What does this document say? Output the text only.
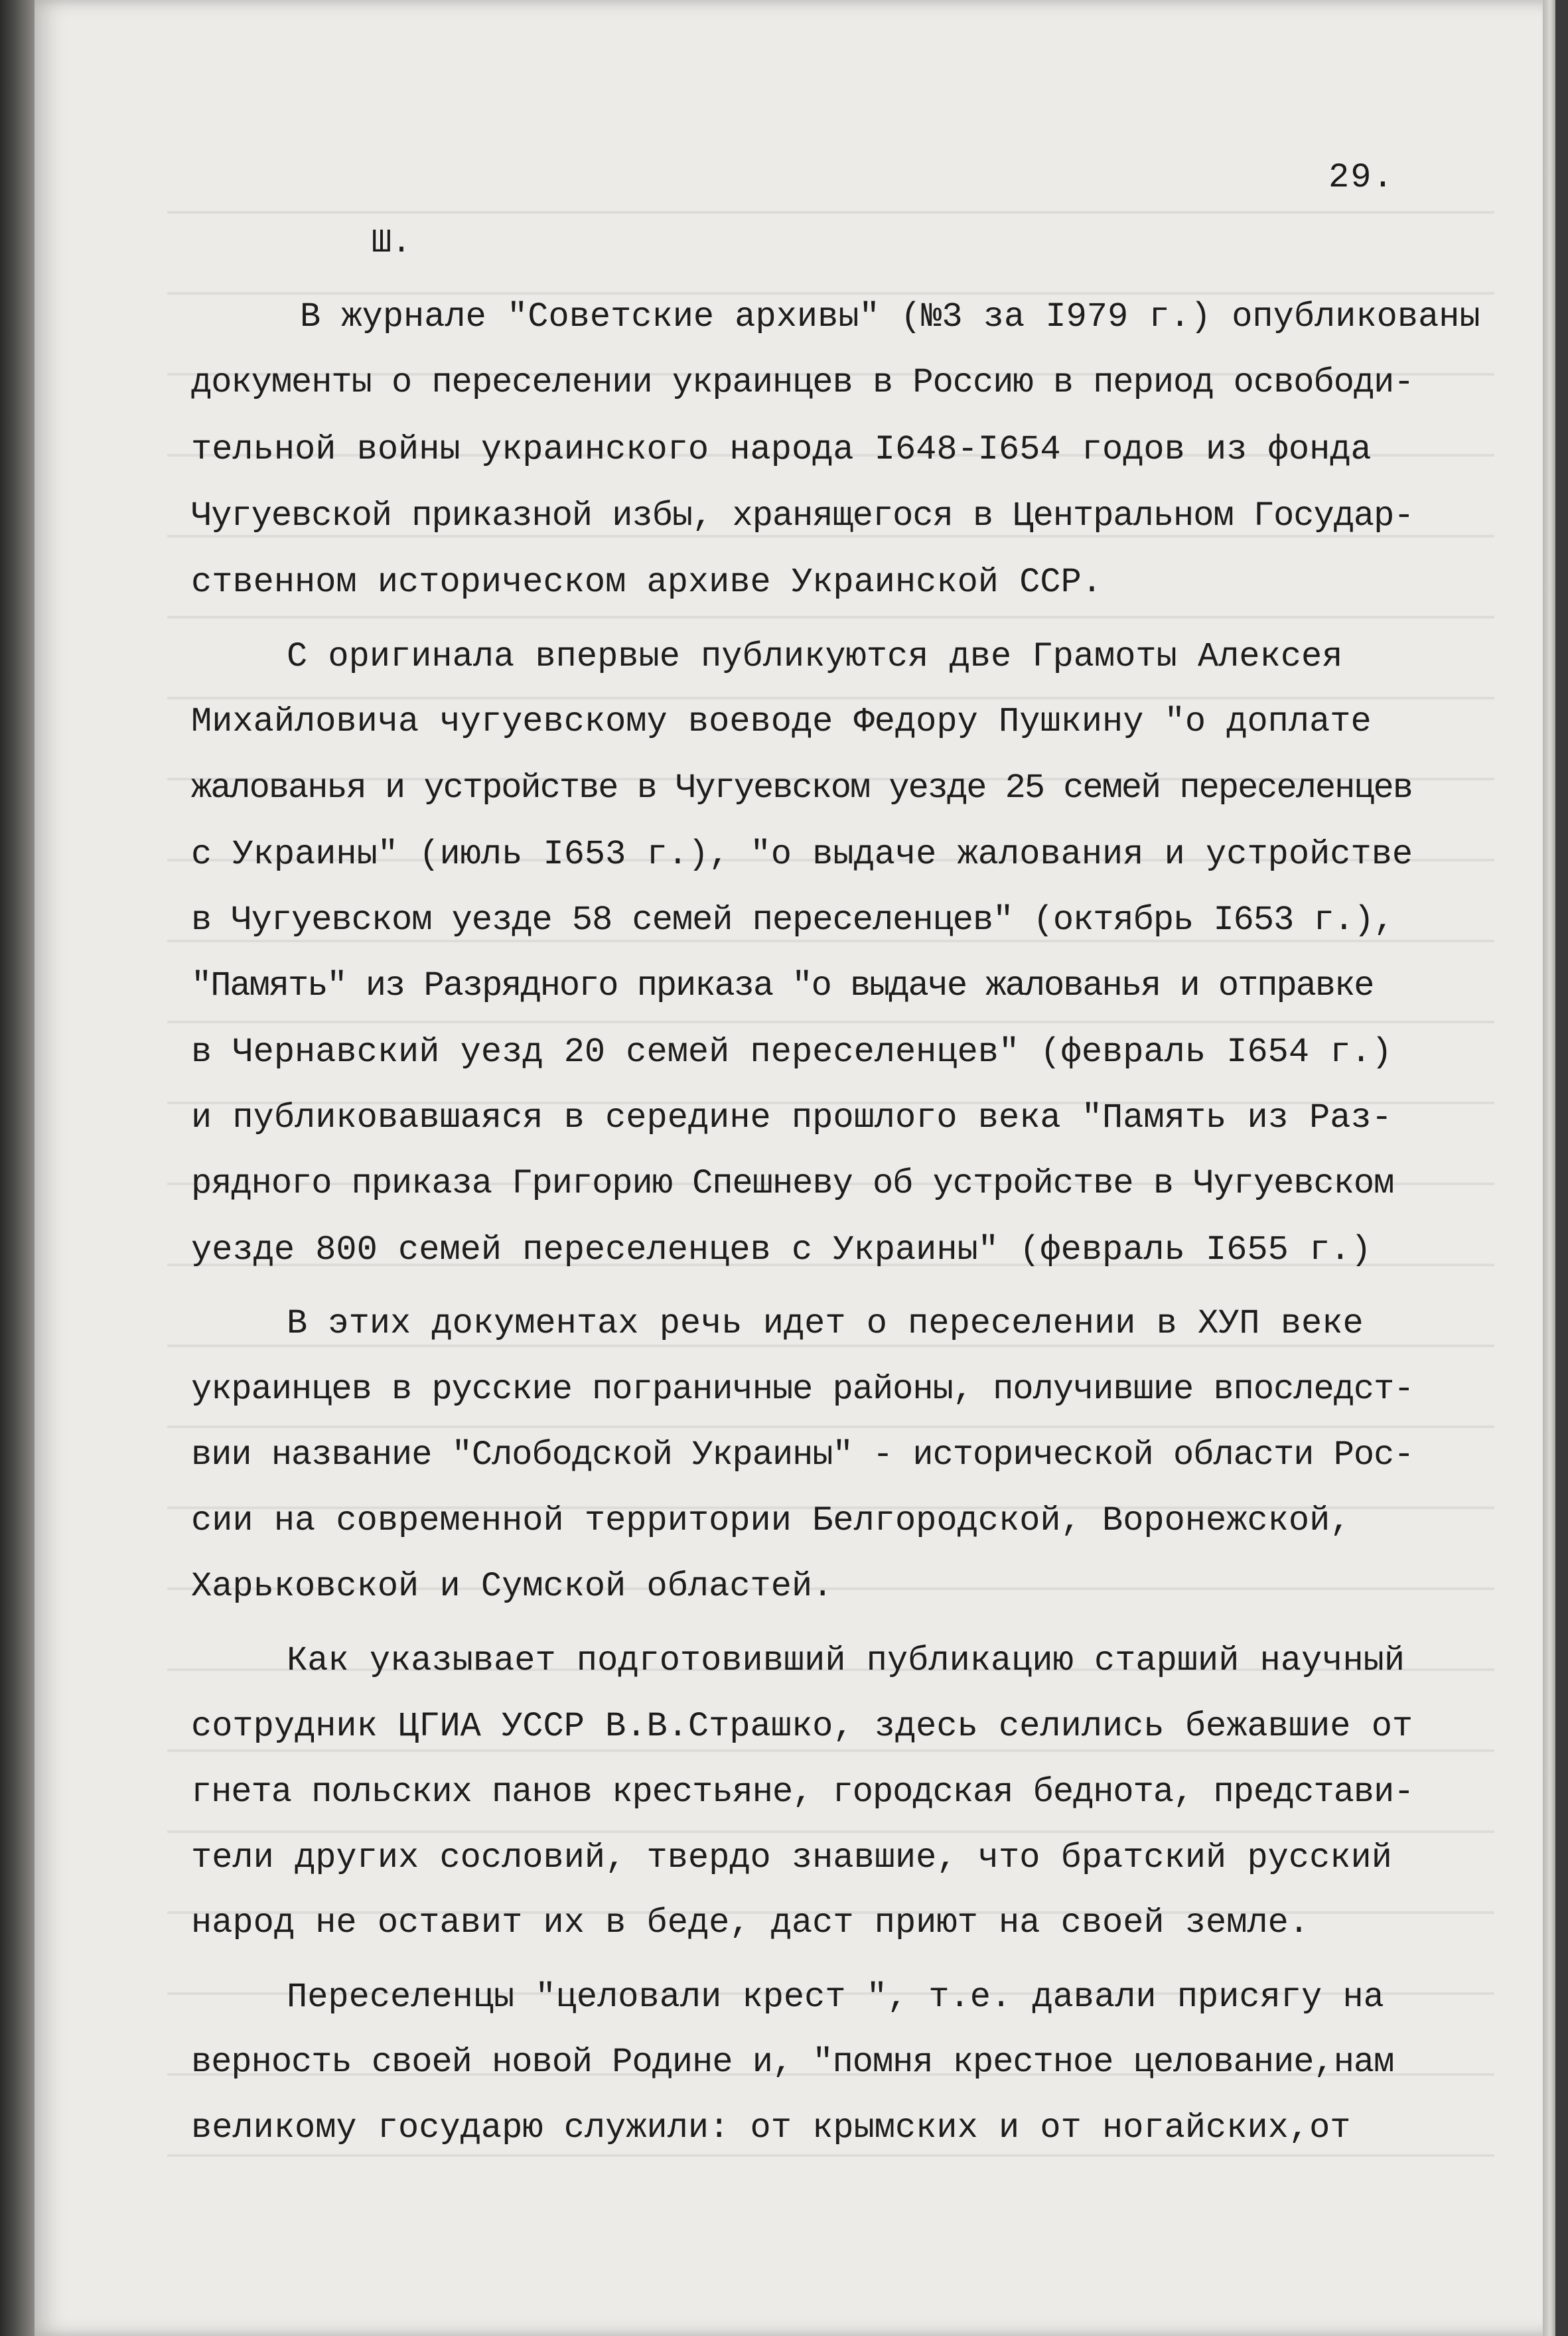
29.
Ш.
В журнале "Советские архивы" (№3 за I979 г.) опубликованы
документы о переселении украинцев в Россию в период освободи-
тельной войны украинского народа I648-I654 годов из фонда
Чугуевской приказной избы, хранящегося в Центральном Государ-
ственном историческом архиве Украинской ССР.
С оригинала впервые публикуются две Грамоты Алексея
Михайловича чугуевскому воеводе Федору Пушкину "о доплате
жалованья и устройстве в Чугуевском уезде 25 семей переселенцев
с Украины" (июль I653 г.), "о выдаче жалования и устройстве
в Чугуевском уезде 58 семей переселенцев" (октябрь I653 г.),
"Память" из Разрядного приказа "о выдаче жалованья и отправке
в Чернавский уезд 20 семей переселенцев" (февраль I654 г.)
и публиковавшаяся в середине прошлого века "Память из Раз-
рядного приказа Григорию Спешневу об устройстве в Чугуевском
уезде 800 семей переселенцев с Украины" (февраль I655 г.)
В этих документах речь идет о переселении в ХУП веке
украинцев в русские пограничные районы, получившие впоследст-
вии название "Слободской Украины" - исторической области Рос-
сии на современной территории Белгородской, Воронежской,
Харьковской и Сумской областей.
Как указывает подготовивший публикацию старший научный
сотрудник ЦГИА УССР В.В.Страшко, здесь селились бежавшие от
гнета польских панов крестьяне, городская беднота, представи-
тели других сословий, твердо знавшие, что братский русский
народ не оставит их в беде, даст приют на своей земле.
Переселенцы "целовали крест ", т.е. давали присягу на
верность своей новой Родине и, "помня крестное целование,нам
великому государю служили: от крымских и от ногайских,от
